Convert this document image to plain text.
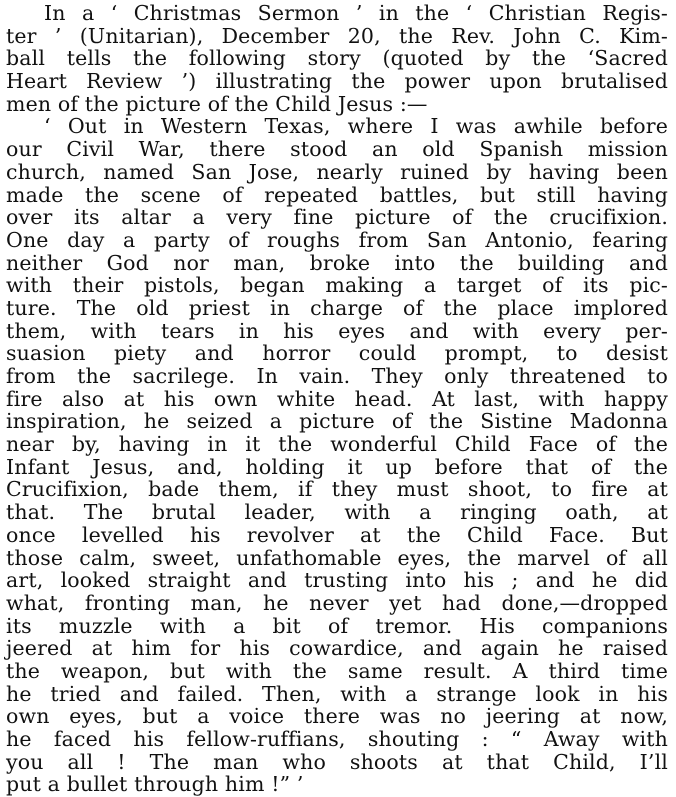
In a ‘ Christmas Sermon ’ in the ‘ Christian Regis-
ter ’ (Unitarian), December 20, the Rev. John C. Kim-
ball tells the following story (quoted by the ‘Sacred
Heart Review ’) illustrating the power upon brutalised
men of the picture of the Child Jesus :—

‘ Out in Western Texas, where I was awhile before
our Civil War, there stood an old Spanish mission
church, named San Jose, nearly ruined by having been
made the scene of repeated battles, but still having
over its altar a very fine picture of the crucifixion.
One day a party of roughs from San Antonio, fearing
neither God nor man, broke into the building and
with their pistols, began making a target of its pic-
ture. The old priest in charge of the place implored
them, with tears in his eyes and with every per-
suasion piety and horror could prompt, to desist
from the sacrilege. In vain. They only threatened to
fire also at his own white head. At last, with happy
inspiration, he seized a picture of the Sistine Madonna
near by, having in it the wonderful Child Face of the
Infant Jesus, and, holding it up before that of the
Crucifixion, bade them, if they must shoot, to fire at
that. The brutal leader, with a ringing oath, at
once levelled his revolver at the Child Face. But
those calm, sweet, unfathomable eyes, the marvel of all
art, looked straight and trusting into his ; and he did
what, fronting man, he never yet had done,—dropped
its muzzle with a bit of tremor. His companions
jeered at him for his cowardice, and again he raised
the weapon, but with the same result. A third time
he tried and failed. Then, with a strange look in his
own eyes, but a voice there was no jeering at now,
he faced his fellow-ruffians, shouting : “ Away with
you all ! The man who shoots at that Child, I’ll
put a bullet through him !” ’
